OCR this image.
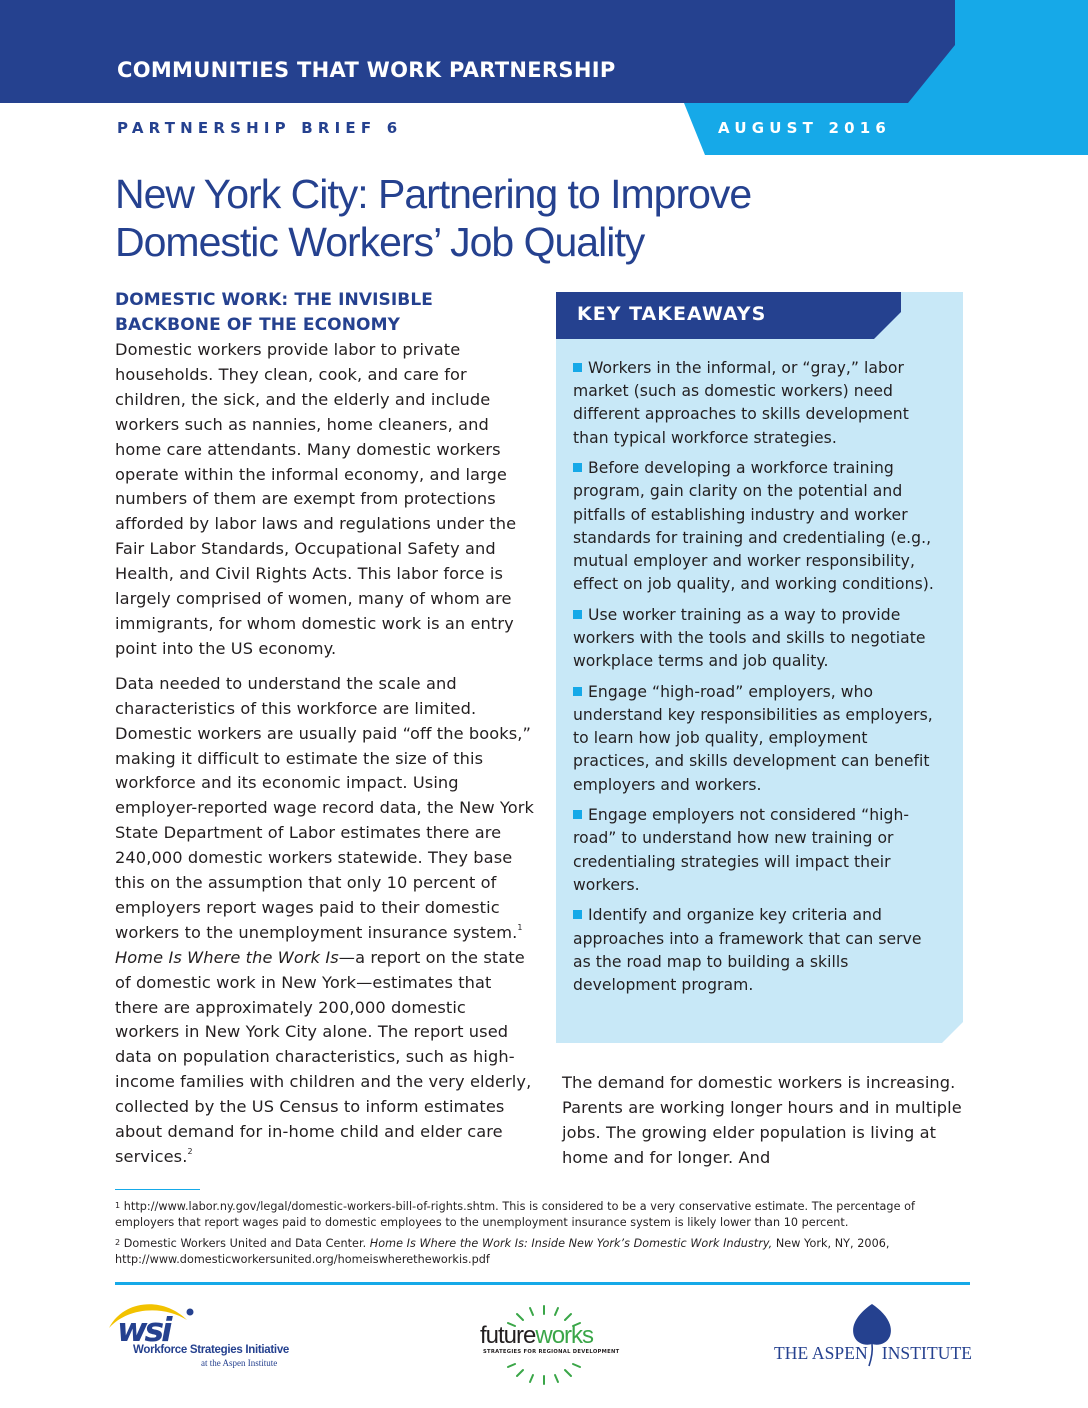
COMMUNITIES THAT WORK PARTNERSHIP
PARTNERSHIP BRIEF 6	AUGUST 2016
New York City: Partnering to Improve Domestic Workers’ Job Quality
DOMESTIC WORK: THE INVISIBLE BACKBONE OF THE ECONOMY

Domestic workers provide labor to private households. They clean, cook, and care for children, the sick, and the elderly and include workers such as nannies, home cleaners, and home care attendants. Many domestic workers operate within the informal economy, and large numbers of them are exempt from protections afforded by labor laws and regulations under the Fair Labor Standards, Occupational Safety and Health, and Civil Rights Acts. This labor force is largely comprised of women, many of whom are immigrants, for whom domestic work is an entry point into the US economy.

Data needed to understand the scale and characteristics of this workforce are limited. Domestic workers are usually paid “off the books,” making it difficult to estimate the size of this workforce and its economic impact. Using employer-reported wage record data, the New York State Department of Labor estimates there are 240,000 domestic workers statewide. They base this on the assumption that only 10 percent of employers report wages paid to their domestic workers to the unemployment insurance system.$^1$ Home Is Where the Work Is—a report on the state of domestic work in New York—estimates that there are approximately 200,000 domestic workers in New York City alone. The report used data on population characteristics, such as high-income families with children and the very elderly, collected by the US Census to inform estimates about demand for in-home child and elder care services.$^2$

KEY TAKEAWAYS
Workers in the informal, or “gray,” labor market (such as domestic workers) need different approaches to skills development than typical workforce strategies.
Before developing a workforce training program, gain clarity on the potential and pitfalls of establishing industry and worker standards for training and credentialing (e.g., mutual employer and worker responsibility, effect on job quality, and working conditions).
Use worker training as a way to provide workers with the tools and skills to negotiate workplace terms and job quality.
Engage “high-road” employers, who understand key responsibilities as employers, to learn how job quality, employment practices, and skills development can benefit employers and workers.
Engage employers not considered “high-road” to understand how new training or credentialing strategies will impact their workers.
Identify and organize key criteria and approaches into a framework that can serve as the road map to building a skills development program.
The demand for domestic workers is increasing. Parents are working longer hours and in multiple jobs. The growing elder population is living at home and for longer. And
$^1$ http://www.labor.ny.gov/legal/domestic-workers-bill-of-rights.shtm. This is considered to be a very conservative estimate. The percentage of employers that report wages paid to domestic employees to the unemployment insurance system is likely lower than 10 percent.
$^2$ Domestic Workers United and Data Center. Home Is Where the Work Is: Inside New York’s Domestic Work Industry, New York, NY, 2006, http://www.domesticworkersunited.org/homeiswheretheworkis.pdf
wsi
Workforce Strategies Initiative
at the Aspen Institute
futureworks
STRATEGIES FOR REGIONAL DEVELOPMENT	THE ASPEN INSTITUTE
